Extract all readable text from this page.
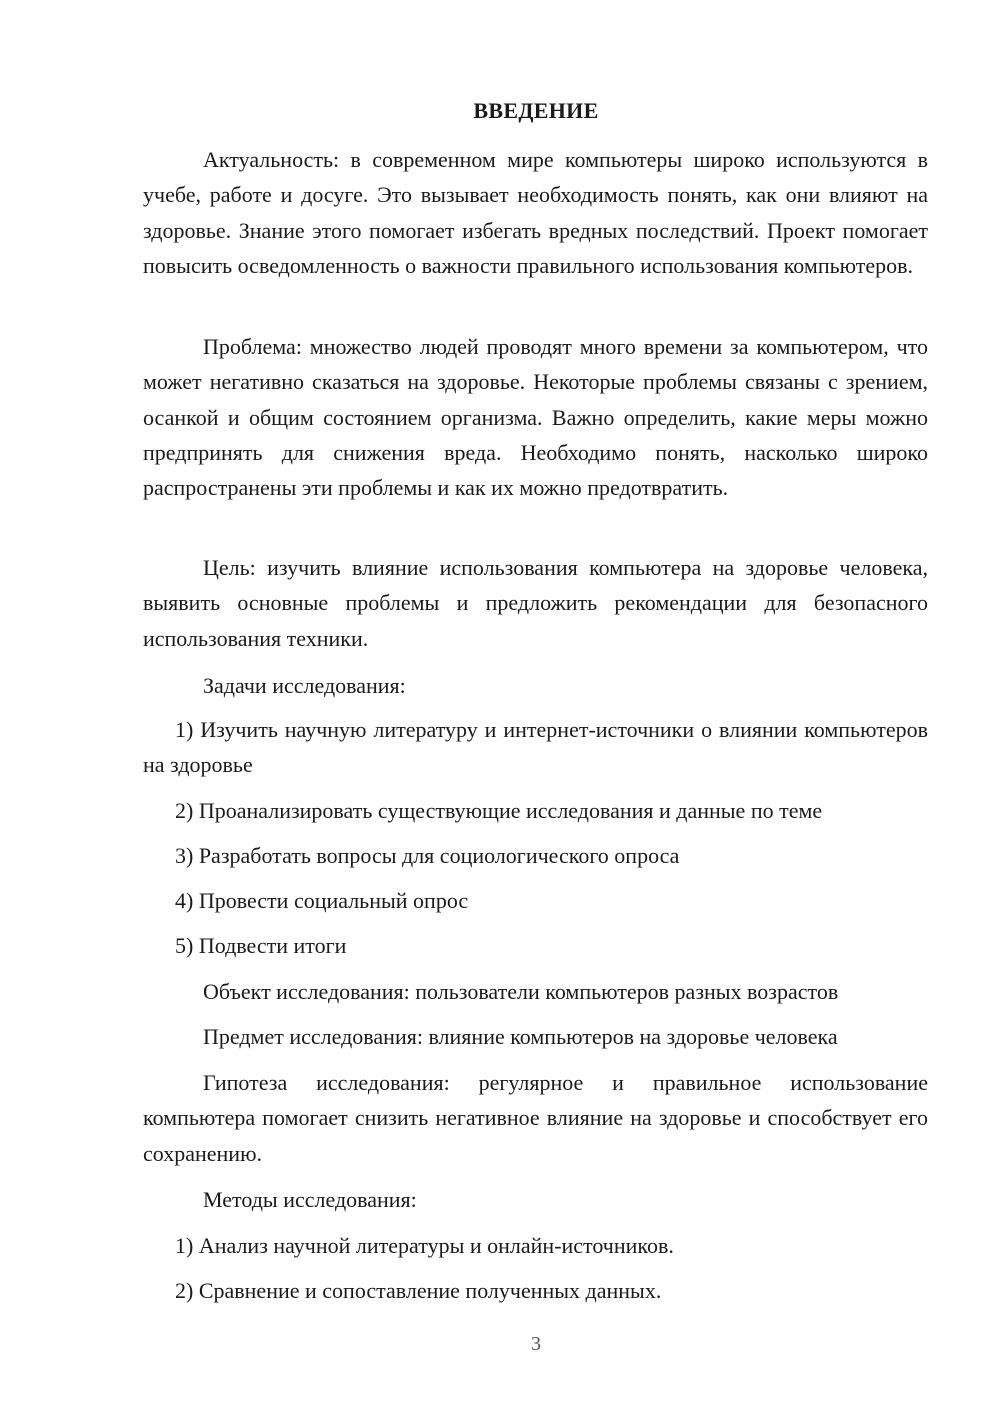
ВВЕДЕНИЕ

Актуальность: в современном мире компьютеры широко используются в учебе, работе и досуге. Это вызывает необходимость понять, как они влияют на здоровье. Знание этого помогает избегать вредных последствий. Проект помогает повысить осведомленность о важности правильного использования компьютеров.

Проблема: множество людей проводят много времени за компьютером, что может негативно сказаться на здоровье. Некоторые проблемы связаны с зрением, осанкой и общим состоянием организма. Важно определить, какие меры можно предпринять для снижения вреда. Необходимо понять, насколько широко распространены эти проблемы и как их можно предотвратить.

Цель: изучить влияние использования компьютера на здоровье человека, выявить основные проблемы и предложить рекомендации для безопасного использования техники.

Задачи исследования:

1) Изучить научную литературу и интернет-источники о влиянии компьютеров на здоровье

2) Проанализировать существующие исследования и данные по теме

3) Разработать вопросы для социологического опроса

4) Провести социальный опрос

5) Подвести итоги

Объект исследования: пользователи компьютеров разных возрастов

Предмет исследования: влияние компьютеров на здоровье человека

Гипотеза исследования: регулярное и правильное использование компьютера помогает снизить негативное влияние на здоровье и способствует его сохранению.

Методы исследования:

1) Анализ научной литературы и онлайн-источников.

2) Сравнение и сопоставление полученных данных.

3
